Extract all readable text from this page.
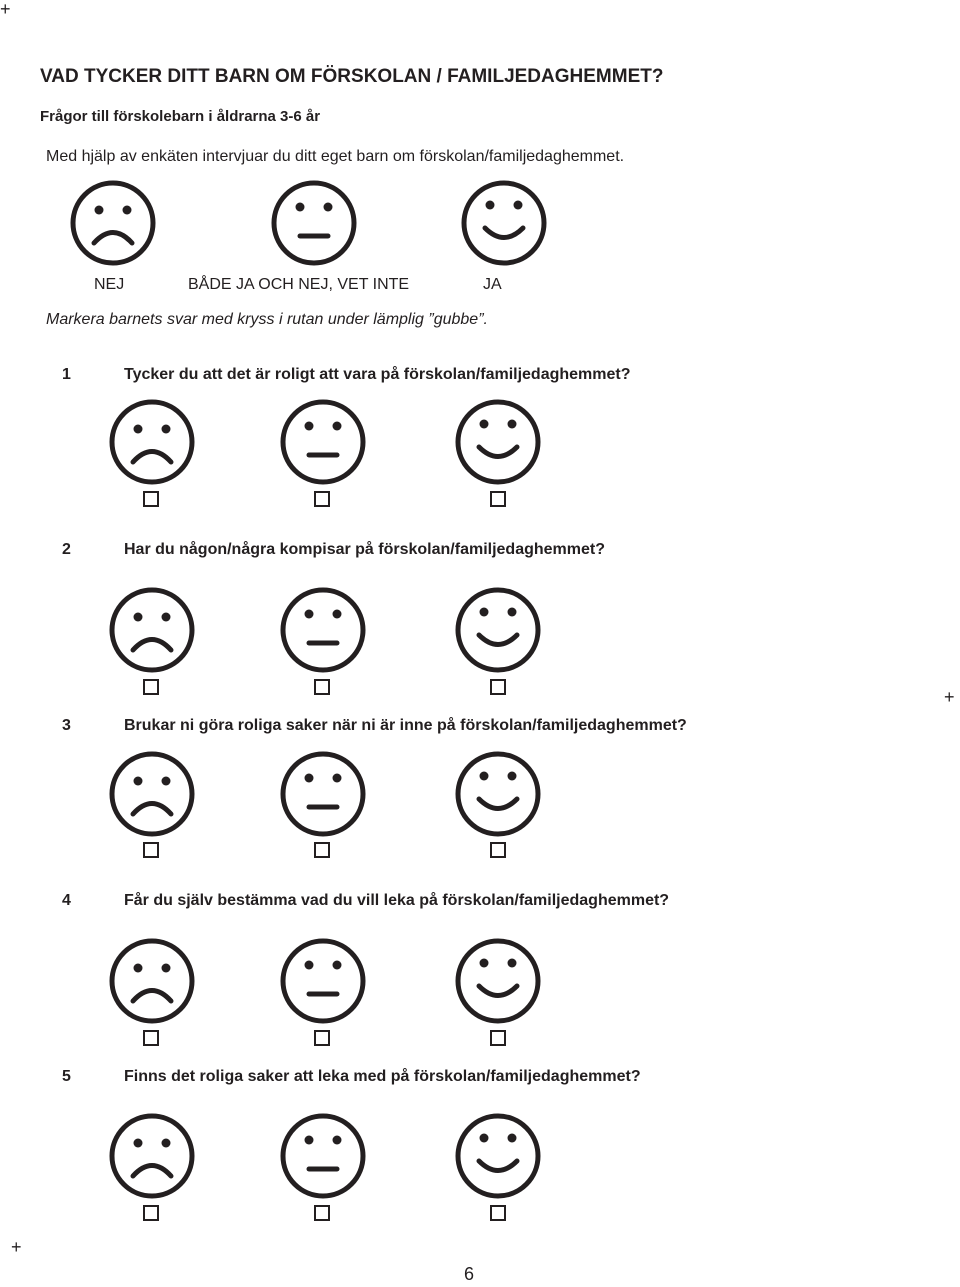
+
+
+
VAD TYCKER DITT BARN OM FÖRSKOLAN / FAMILJEDAGHEMMET?
Frågor till förskolebarn i åldrarna 3-6 år
Med hjälp av enkäten intervjuar du ditt eget barn om förskolan/familjedaghemmet.
NEJ	BÅDE JA OCH NEJ, VET INTE	JA
Markera barnets svar med kryss i rutan under lämplig ”gubbe”.
1	Tycker du att det är roligt att vara på förskolan/familjedaghemmet?
2	Har du någon/några kompisar på förskolan/familjedaghemmet?
3	Brukar ni göra roliga saker när ni är inne på förskolan/familjedaghemmet?
4	Får du själv bestämma vad du vill leka på förskolan/familjedaghemmet?
5	Finns det roliga saker att leka med på förskolan/familjedaghemmet?
6
